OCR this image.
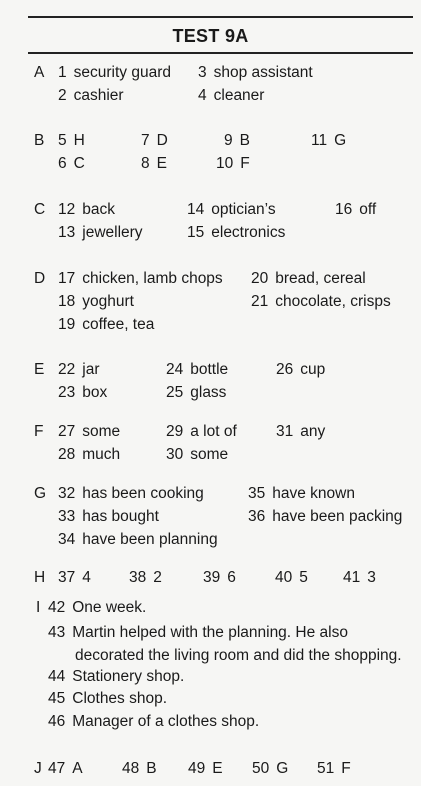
TEST 9A
A 1 security guard 3 shop assistant
2 cashier	4 cleaner
B 5 H	7 D	9 B	11 G
6 C	8 E	10 F
C 12 back	14 optician’s	16 off
13 jewellery	15 electronics
D 17 chicken, lamb chops 20 bread, cereal
18 yoghurt	21 chocolate, crisps
19 coffee, tea
E 22 jar	24 bottle	26 cup
23 box	25 glass
F 27 some	29 a lot of	31 any
28 much	30 some
G 32 has been cooking	35 have known
33 has bought	36 have been packing
34 have been planning
H 37 4 38 2	39 6	40 5 41 3
I 42 One week.
43 Martin helped with the planning. He also
decorated the living room and did the shopping.
44 Stationery shop.
45 Clothes shop.
46 Manager of a clothes shop.
J 47 A	48 B 49 E 50 G 51 F
